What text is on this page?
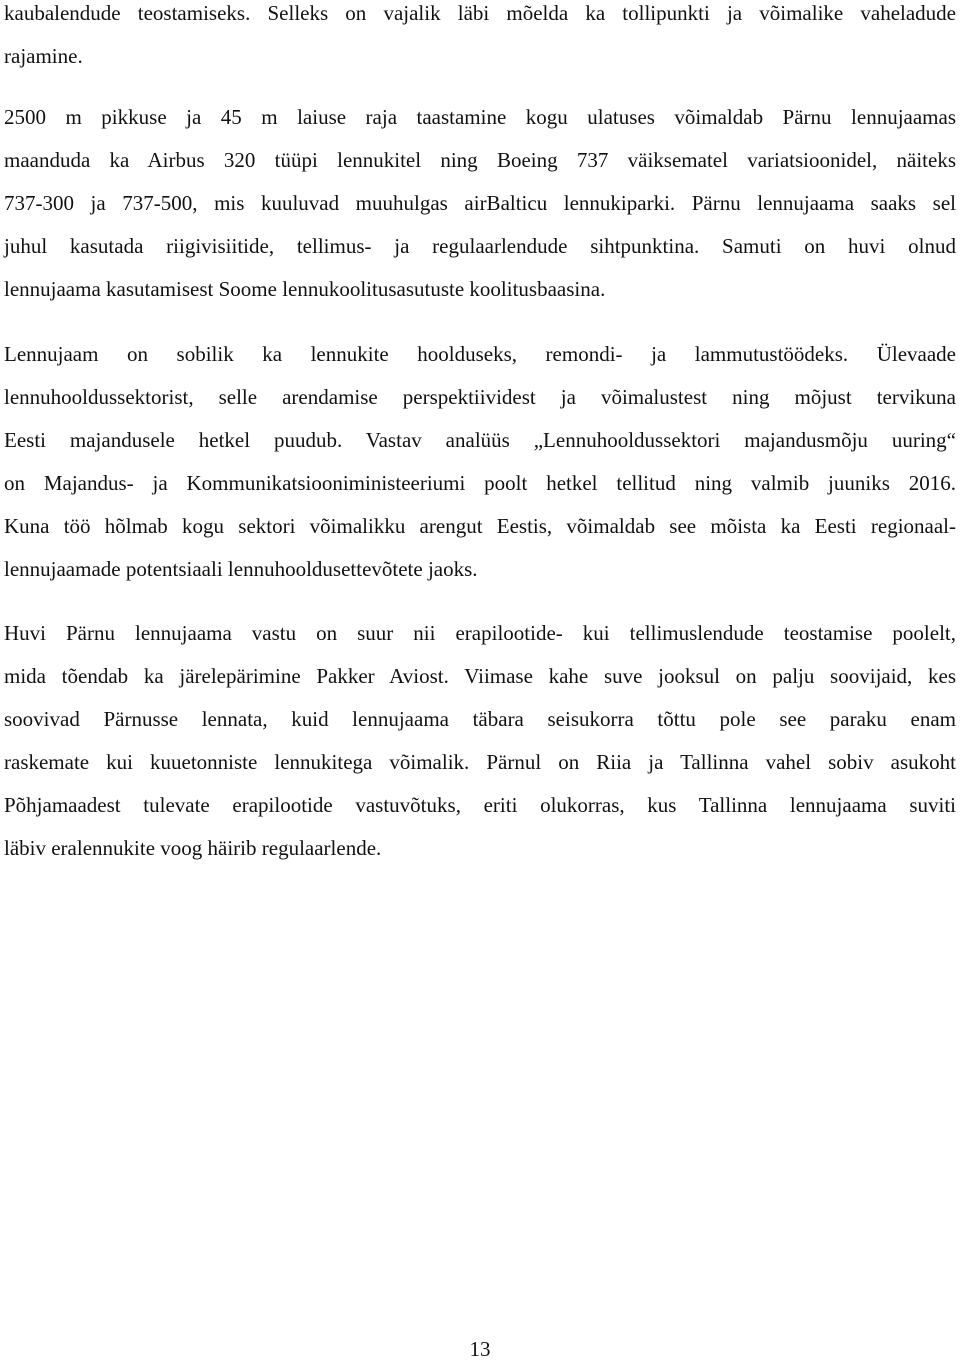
kaubalendude teostamiseks. Selleks on vajalik läbi mõelda ka tollipunkti ja võimalike vaheladude
rajamine.

2500 m pikkuse ja 45 m laiuse raja taastamine kogu ulatuses võimaldab Pärnu lennujaamas
maanduda ka Airbus 320 tüüpi lennukitel ning Boeing 737 väiksematel variatsioonidel, näiteks
737-300 ja 737-500, mis kuuluvad muuhulgas airBalticu lennukiparki. Pärnu lennujaama saaks sel
juhul kasutada riigivisiitide, tellimus- ja regulaarlendude sihtpunktina. Samuti on huvi olnud
lennujaama kasutamisest Soome lennukoolitusasutuste koolitusbaasina.

Lennujaam on sobilik ka lennukite hoolduseks, remondi- ja lammutustöödeks. Ülevaade
lennuhooldussektorist, selle arendamise perspektiividest ja võimalustest ning mõjust tervikuna
Eesti majandusele hetkel puudub. Vastav analüüs „Lennuhooldussektori majandusmõju uuring“
on Majandus- ja Kommunikatsiooniministeeriumi poolt hetkel tellitud ning valmib juuniks 2016.
Kuna töö hõlmab kogu sektori võimalikku arengut Eestis, võimaldab see mõista ka Eesti regionaal-
lennujaamade potentsiaali lennuhooldusettevõtete jaoks.

Huvi Pärnu lennujaama vastu on suur nii erapilootide- kui tellimuslendude teostamise poolelt,
mida tõendab ka järelepärimine Pakker Aviost. Viimase kahe suve jooksul on palju soovijaid, kes
soovivad Pärnusse lennata, kuid lennujaama täbara seisukorra tõttu pole see paraku enam
raskemate kui kuuetonniste lennukitega võimalik. Pärnul on Riia ja Tallinna vahel sobiv asukoht
Põhjamaadest tulevate erapilootide vastuvõtuks, eriti olukorras, kus Tallinna lennujaama suviti
läbiv eralennukite voog häirib regulaarlende.

13
